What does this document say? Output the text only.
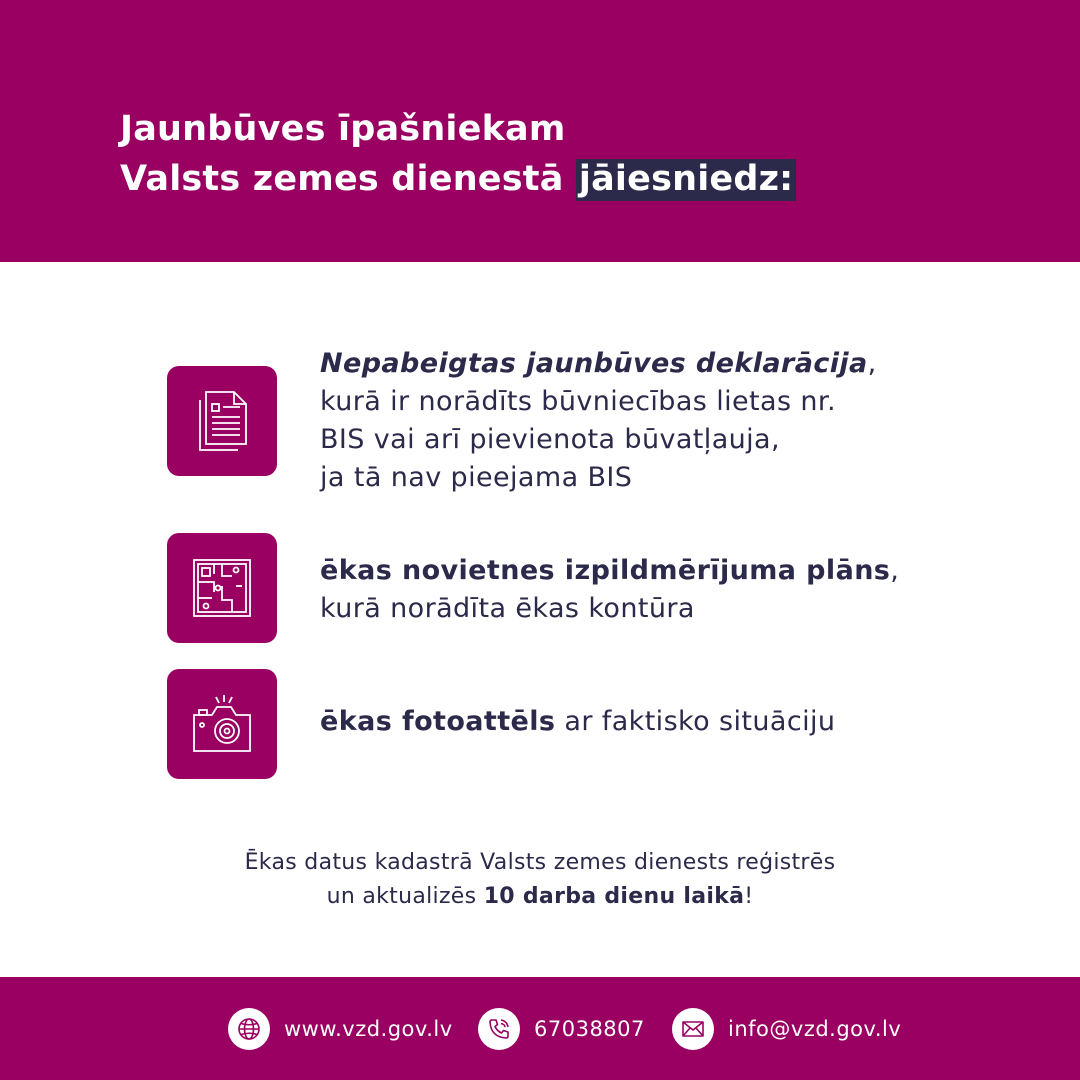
Jaunbūves īpašniekam
Valsts zemes dienestā jāiesniedz:
Nepabeigtas jaunbūves deklarācija,
kurā ir norādīts būvniecības lietas nr.
BIS vai arī pievienota būvatļauja,
ja tā nav pieejama BIS
ēkas novietnes izpildmērījuma plāns,
kurā norādīta ēkas kontūra
ēkas fotoattēls ar faktisko situāciju
Ēkas datus kadastrā Valsts zemes dienests reģistrēs
un aktualizēs 10 darba dienu laikā!
www.vzd.gov.lv	67038807	info@vzd.gov.lv
